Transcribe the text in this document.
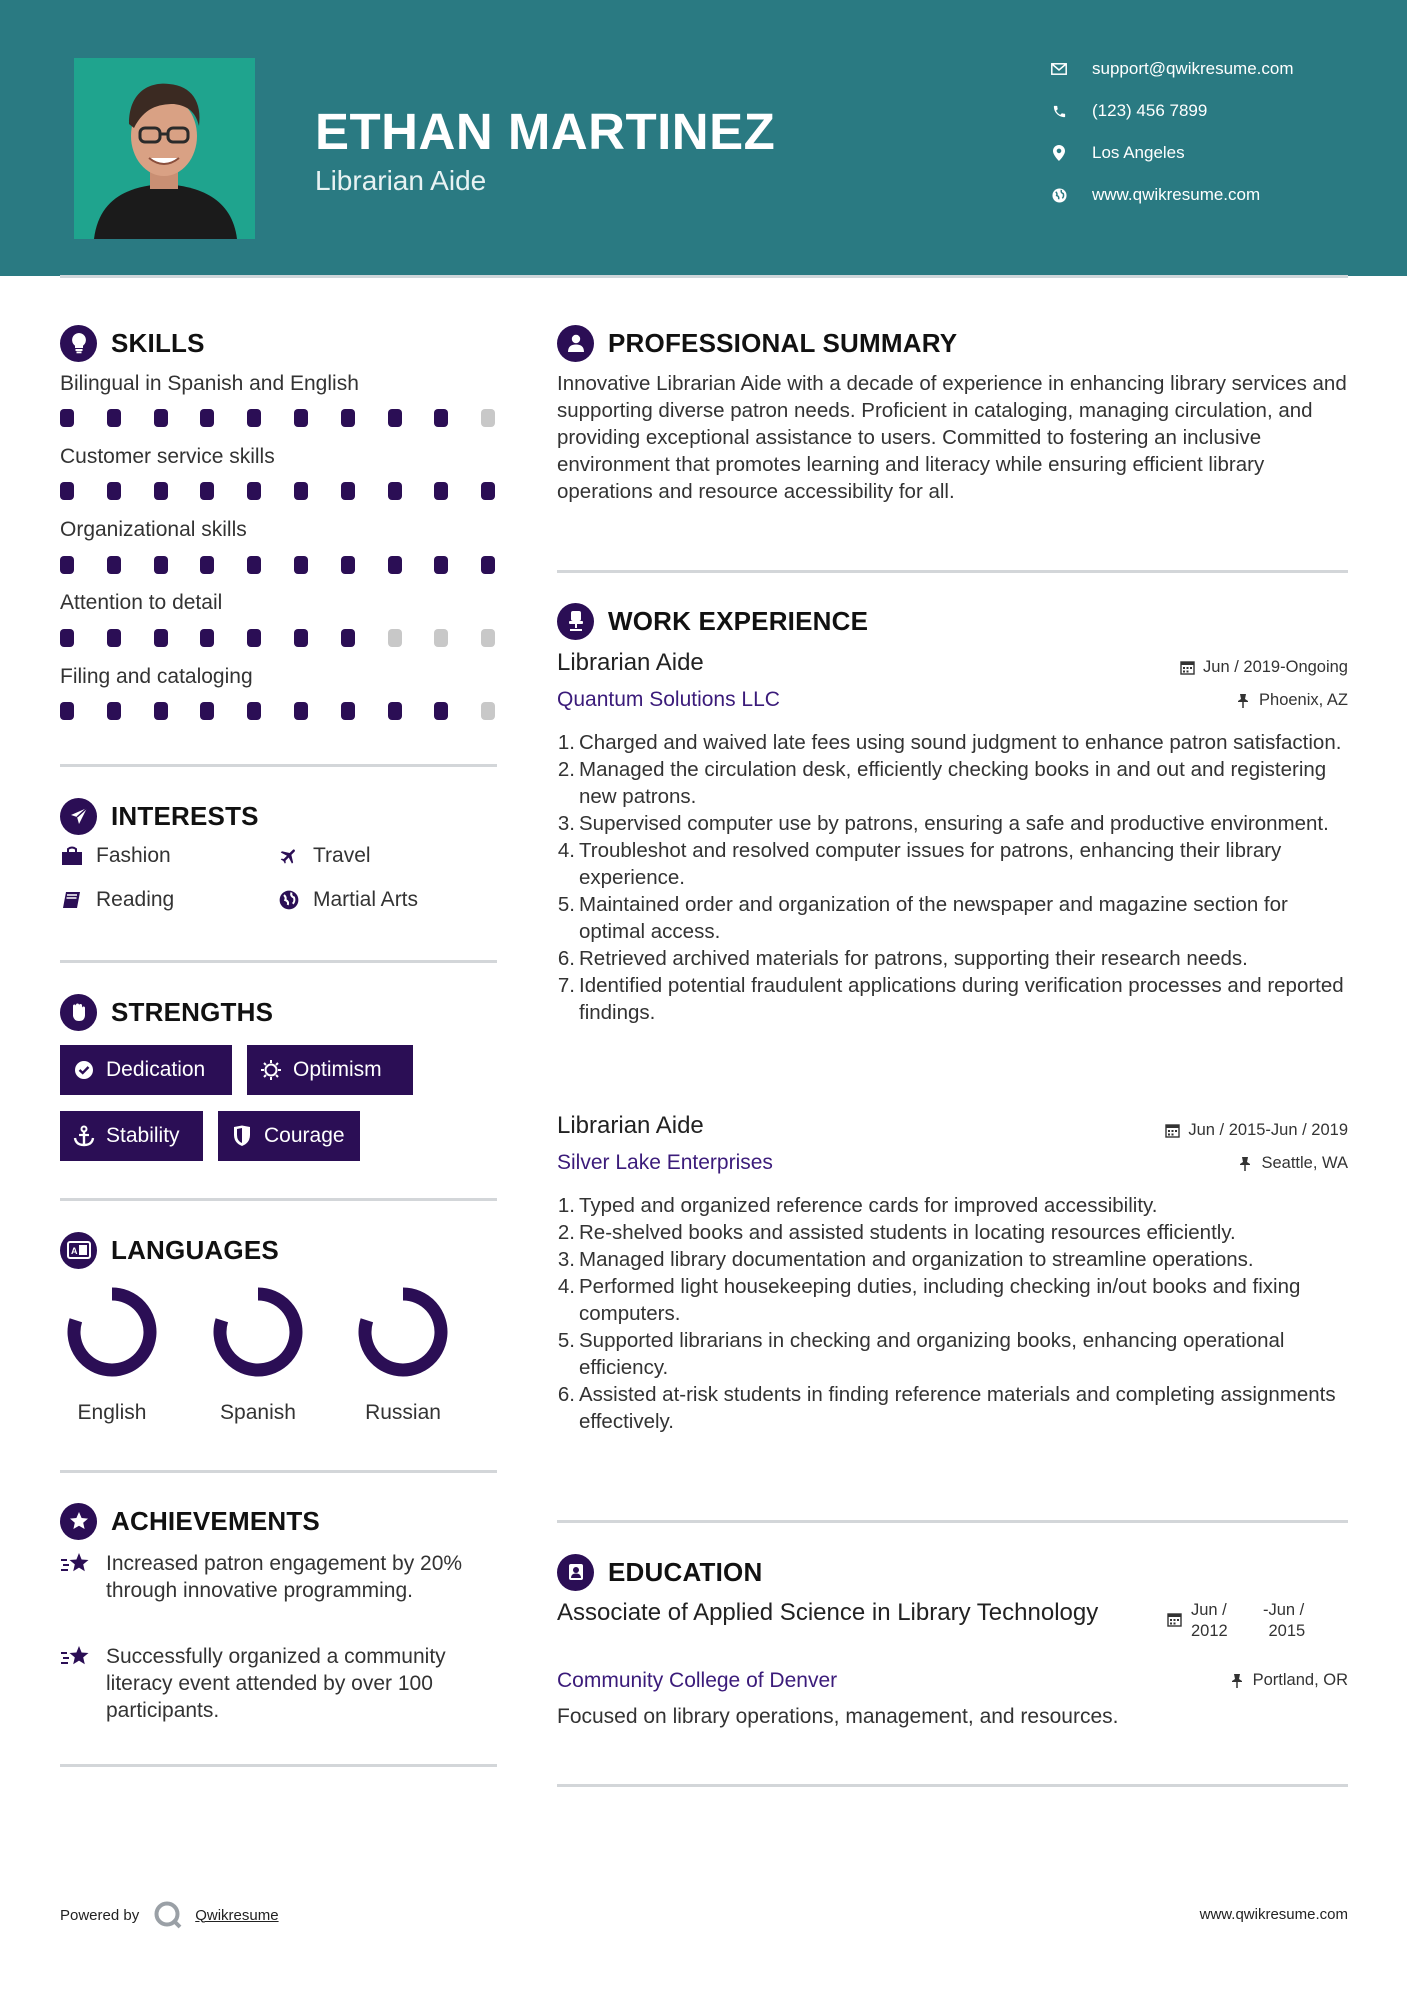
ETHAN MARTINEZ
Librarian Aide
support@qwikresume.com
(123) 456 7899
Los Angeles
www.qwikresume.com
SKILLS
Bilingual in Spanish and English
Customer service skills
Organizational skills
Attention to detail
Filing and cataloging
INTERESTS
Fashion	Travel
Reading	Martial Arts
STRENGTHS
Dedication	Optimism
Stability	Courage
A LANGUAGES
English	Spanish	Russian
ACHIEVEMENTS
Increased patron engagement by 20% through innovative programming.
Successfully organized a community literacy event attended by over 100 participants.
PROFESSIONAL SUMMARY
Innovative Librarian Aide with a decade of experience in enhancing library services and supporting diverse patron needs. Proficient in cataloging, managing circulation, and providing exceptional assistance to users. Committed to fostering an inclusive environment that promotes learning and literacy while ensuring efficient library operations and resource accessibility for all.
WORK EXPERIENCE
Librarian Aide	Jun / 2019-Ongoing
Quantum Solutions LLC	Phoenix, AZ
1. Charged and waived late fees using sound judgment to enhance patron satisfaction.
2. Managed the circulation desk, efficiently checking books in and out and registering new patrons.
3. Supervised computer use by patrons, ensuring a safe and productive environment.
4. Troubleshot and resolved computer issues for patrons, enhancing their library experience.
5. Maintained order and organization of the newspaper and magazine section for optimal access.
6. Retrieved archived materials for patrons, supporting their research needs.
7. Identified potential fraudulent applications during verification processes and reported findings.
Librarian Aide	Jun / 2015-Jun / 2019
Silver Lake Enterprises	Seattle, WA
1. Typed and organized reference cards for improved accessibility.
2. Re-shelved books and assisted students in locating resources efficiently.
3. Managed library documentation and organization to streamline operations.
4. Performed light housekeeping duties, including checking in/out books and fixing computers.
5. Supported librarians in checking and organizing books, enhancing operational efficiency.
6. Assisted at-risk students in finding reference materials and completing assignments effectively.
EDUCATION
Associate of Applied Science in Library Technology	Jun / 2012
- Jun / 2015
Community College of Denver	Portland, OR
Focused on library operations, management, and resources.
Powered by	Qwikresume	www.qwikresume.com
